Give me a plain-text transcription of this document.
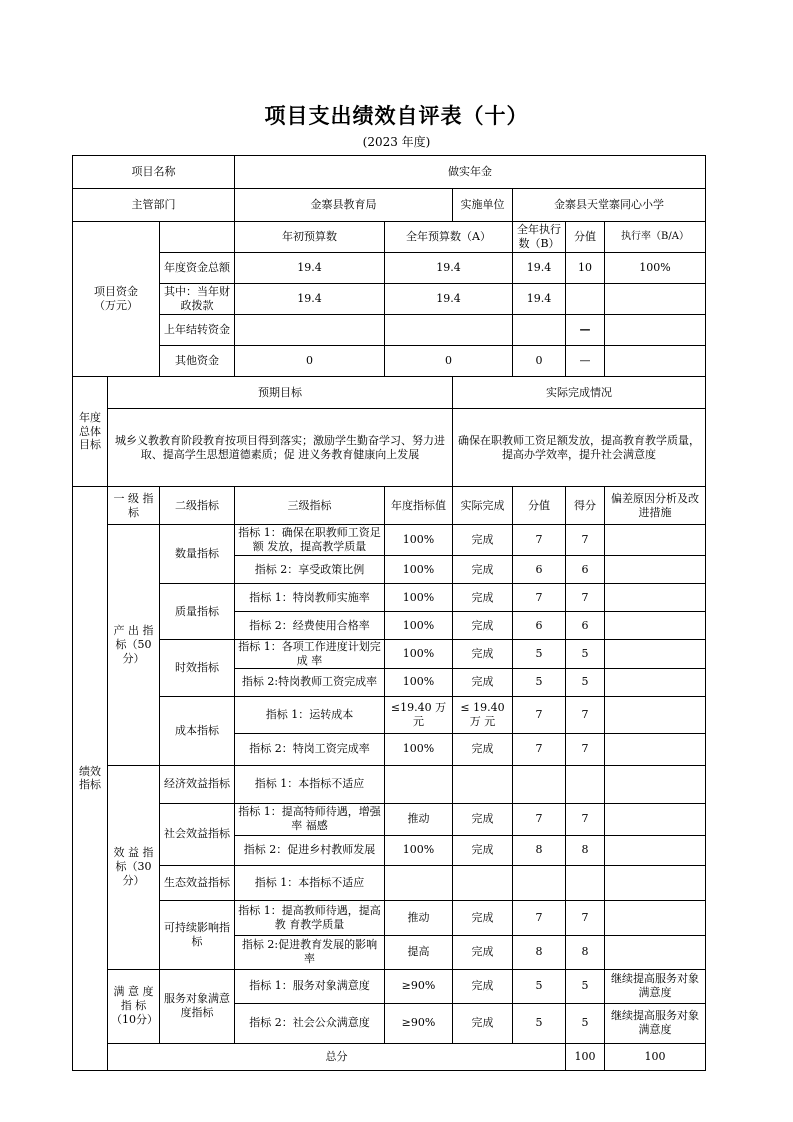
项目支出绩效自评表（十）
(2023 年度)
项目名称			做实年金						
主管部门			金寨县教育局		实施单位	金寨县天堂寨同心小学			
项目资金
（万元）			年初预算数	全年预算数（A）		全年执行数（B）	分值	执行率（B/A）	
		年度资金总额	19.4	19.4		19.4	10	100%	
		其中：当年财政拨款	19.4	19.4		19.4			
		上年结转资金					—		
		其他资金	0	0		0	—		
年度总体目标	预期目标				实际完成情况				
	城乡义教教育阶段教育按项目得到落实；激励学生勤奋学习、努力进取、提高学生思想道德素质；促 进义务教育健康向上发展				确保在职教师工资足额发放，提高教育教学质量，提高办学效率，提升社会满意度				
绩效指标	一 级 指 标	二级指标	三级指标	年度指标值	实际完成	分值	得分	偏差原因分析及改进措施	
	产 出 指 标（50分）	数量指标	指标 1：确保在职教师工资足额 发放，提高教学质量	100%	完成	7	7		
			指标 2：享受政策比例	100%	完成	6	6		
		质量指标	指标 1：特岗教师实施率	100%	完成	7	7		
			指标 2：经费使用合格率	100%	完成	6	6		
		时效指标	指标 1：各项工作进度计划完成 率	100%	完成	5	5		
			指标 2:特岗教师工资完成率	100%	完成	5	5		
		成本指标	指标 1：运转成本	≤19.40 万元	≤ 19.40 万 元	7	7		
			指标 2：特岗工资完成率	100%	完成	7	7		
	效 益 指 标（30分）	经济效益指标	指标 1：本指标不适应						
		社会效益指标	指标 1：提高特师待遇，增强率 福感	推动	完成	7	7		
			指标 2：促进乡村教师发展	100%	完成	8	8		
		生态效益指标	指标 1：本指标不适应						
		可持续影响指 标	指标 1：提高教师待遇，提高教 育教学质量	推动	完成	7	7		
			指标 2:促进教育发展的影响率	提高	完成	8	8		
	满 意 度 指 标（10分）	服务对象满意 度指标	指标 1：服务对象满意度	≥90%	完成	5	5	继续提高服务对象满意度	
			指标 2：社会公众满意度	≥90%	完成	5	5	继续提高服务对象满意度	
	总分						100	100	
